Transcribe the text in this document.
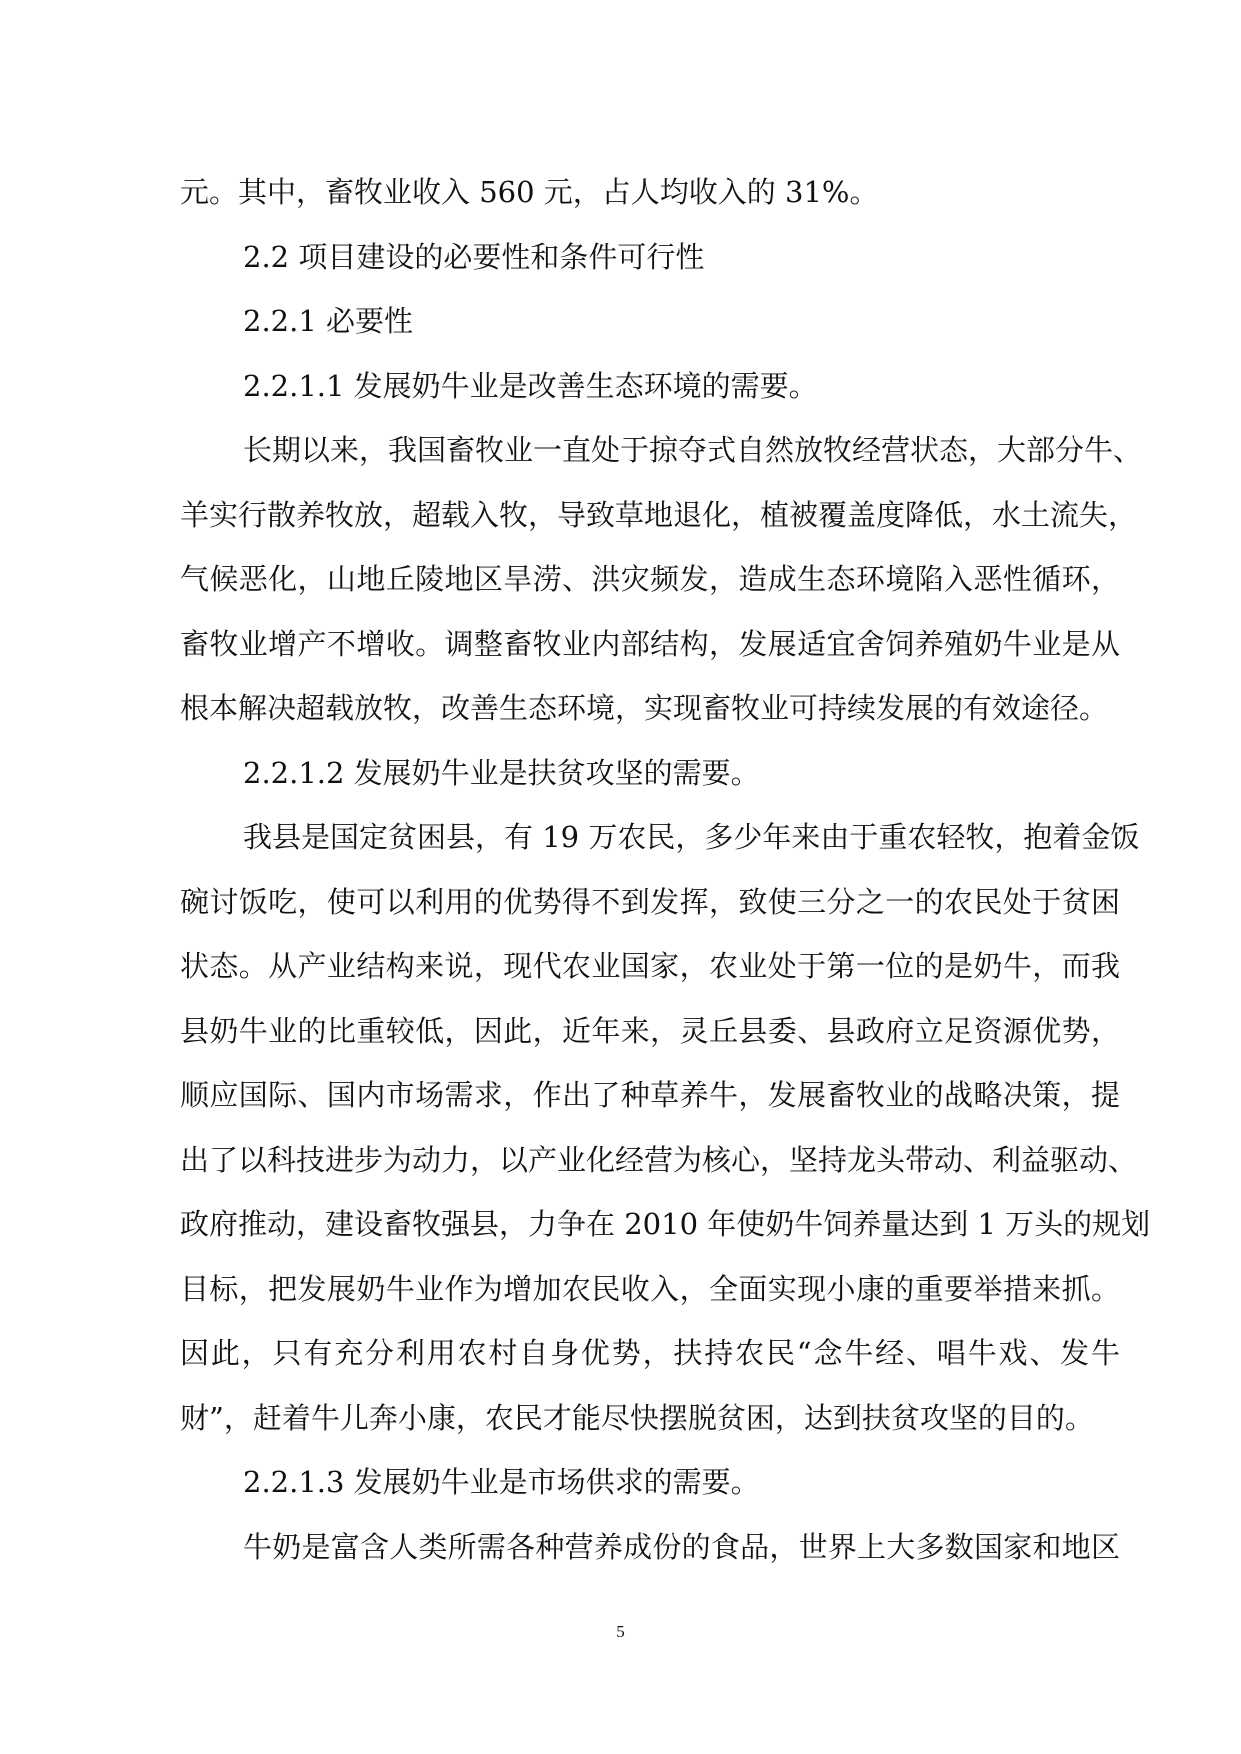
元。其中，畜牧业收入 560 元，占人均收入的 31%。
2.2 项目建设的必要性和条件可行性
2.2.1 必要性
2.2.1.1 发展奶牛业是改善生态环境的需要。
长期以来，我国畜牧业一直处于掠夺式自然放牧经营状态，大部分牛、
羊实行散养牧放，超载入牧，导致草地退化，植被覆盖度降低，水土流失，
气候恶化，山地丘陵地区旱涝、洪灾频发，造成生态环境陷入恶性循环，
畜牧业增产不增收。调整畜牧业内部结构，发展适宜舍饲养殖奶牛业是从
根本解决超载放牧，改善生态环境，实现畜牧业可持续发展的有效途径。
2.2.1.2 发展奶牛业是扶贫攻坚的需要。
我县是国定贫困县，有 19 万农民，多少年来由于重农轻牧，抱着金饭
碗讨饭吃，使可以利用的优势得不到发挥，致使三分之一的农民处于贫困
状态。从产业结构来说，现代农业国家，农业处于第一位的是奶牛，而我
县奶牛业的比重较低，因此，近年来，灵丘县委、县政府立足资源优势，
顺应国际、国内市场需求，作出了种草养牛，发展畜牧业的战略决策，提
出了以科技进步为动力，以产业化经营为核心，坚持龙头带动、利益驱动、
政府推动，建设畜牧强县，力争在 2010 年使奶牛饲养量达到 1 万头的规划
目标，把发展奶牛业作为增加农民收入，全面实现小康的重要举措来抓。
因此，只有充分利用农村自身优势，扶持农民“念牛经、唱牛戏、发牛
财”，赶着牛儿奔小康，农民才能尽快摆脱贫困，达到扶贫攻坚的目的。
2.2.1.3 发展奶牛业是市场供求的需要。
牛奶是富含人类所需各种营养成份的食品，世界上大多数国家和地区
5
